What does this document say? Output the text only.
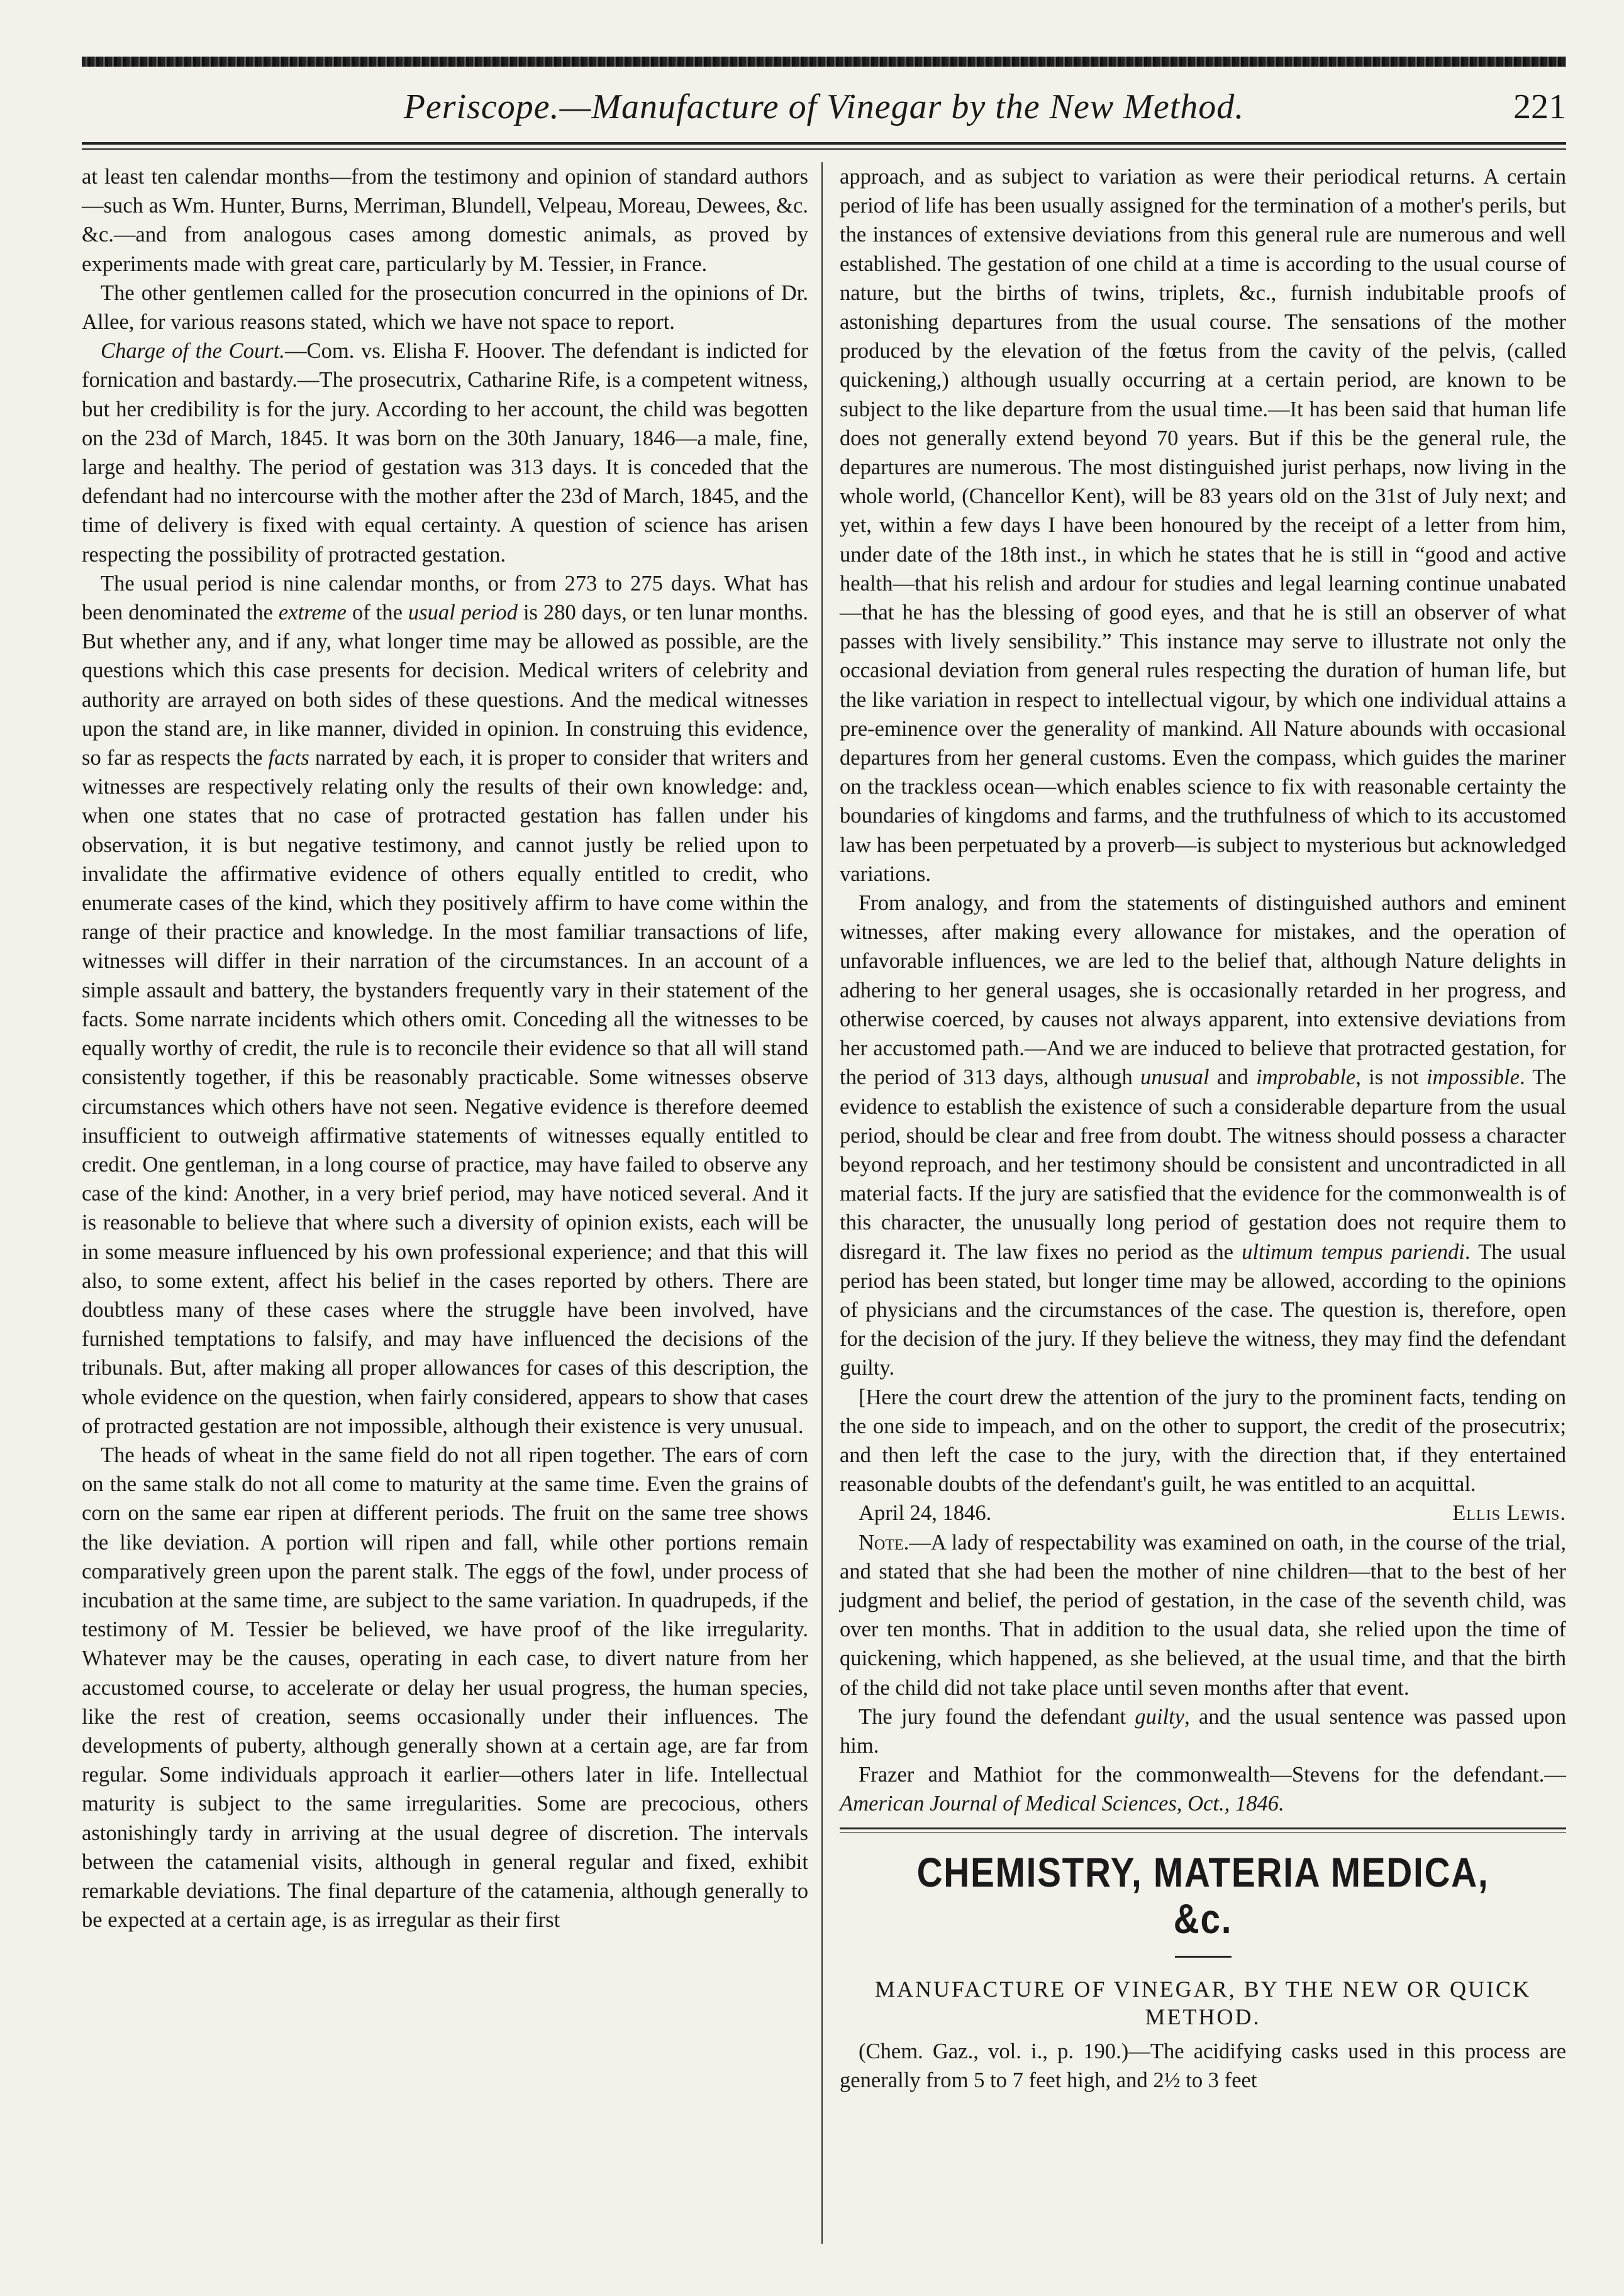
Periscope.—Manufacture of Vinegar by the New Method.	221

at least ten calendar months—from the testimony and opinion of standard authors—such as Wm. Hunter, Burns, Merriman, Blundell, Velpeau, Moreau, Dewees, &c. &c.—and from analogous cases among domestic animals, as proved by experiments made with great care, particularly by M. Tessier, in France.

The other gentlemen called for the prosecution concurred in the opinions of Dr. Allee, for various reasons stated, which we have not space to report.

Charge of the Court.—Com. vs. Elisha F. Hoover. The defendant is indicted for fornication and bastardy.—The prosecutrix, Catharine Rife, is a competent witness, but her credibility is for the jury. According to her account, the child was begotten on the 23d of March, 1845. It was born on the 30th January, 1846—a male, fine, large and healthy. The period of gestation was 313 days. It is conceded that the defendant had no intercourse with the mother after the 23d of March, 1845, and the time of delivery is fixed with equal certainty. A question of science has arisen respecting the possibility of protracted gestation.

The usual period is nine calendar months, or from 273 to 275 days. What has been denominated the extreme of the usual period is 280 days, or ten lunar months. But whether any, and if any, what longer time may be allowed as possible, are the questions which this case presents for decision. Medical writers of celebrity and authority are arrayed on both sides of these questions. And the medical witnesses upon the stand are, in like manner, divided in opinion. In construing this evidence, so far as respects the facts narrated by each, it is proper to consider that writers and witnesses are respectively relating only the results of their own knowledge: and, when one states that no case of protracted gestation has fallen under his observation, it is but negative testimony, and cannot justly be relied upon to invalidate the affirmative evidence of others equally entitled to credit, who enumerate cases of the kind, which they positively affirm to have come within the range of their practice and knowledge. In the most familiar transactions of life, witnesses will differ in their narration of the circumstances. In an account of a simple assault and battery, the bystanders frequently vary in their statement of the facts. Some narrate incidents which others omit. Conceding all the witnesses to be equally worthy of credit, the rule is to reconcile their evidence so that all will stand consistently together, if this be reasonably practicable. Some witnesses observe circumstances which others have not seen. Negative evidence is therefore deemed insufficient to outweigh affirmative statements of witnesses equally entitled to credit. One gentleman, in a long course of practice, may have failed to observe any case of the kind: Another, in a very brief period, may have noticed several. And it is reasonable to believe that where such a diversity of opinion exists, each will be in some measure influenced by his own professional experience; and that this will also, to some extent, affect his belief in the cases reported by others. There are doubtless many of these cases where the struggle have been involved, have furnished temptations to falsify, and may have influenced the decisions of the tribunals. But, after making all proper allowances for cases of this description, the whole evidence on the question, when fairly considered, appears to show that cases of protracted gestation are not impossible, although their existence is very unusual.

The heads of wheat in the same field do not all ripen together. The ears of corn on the same stalk do not all come to maturity at the same time. Even the grains of corn on the same ear ripen at different periods. The fruit on the same tree shows the like deviation. A portion will ripen and fall, while other portions remain comparatively green upon the parent stalk. The eggs of the fowl, under process of incubation at the same time, are subject to the same variation. In quadrupeds, if the testimony of M. Tessier be believed, we have proof of the like irregularity. Whatever may be the causes, operating in each case, to divert nature from her accustomed course, to accelerate or delay her usual progress, the human species, like the rest of creation, seems occasionally under their influences. The developments of puberty, although generally shown at a certain age, are far from regular. Some individuals approach it earlier—others later in life. Intellectual maturity is subject to the same irregularities. Some are precocious, others astonishingly tardy in arriving at the usual degree of discretion. The intervals between the catamenial visits, although in general regular and fixed, exhibit remarkable deviations. The final departure of the catamenia, although generally to be expected at a certain age, is as irregular as their first

approach, and as subject to variation as were their periodical returns. A certain period of life has been usually assigned for the termination of a mother's perils, but the instances of extensive deviations from this general rule are numerous and well established. The gestation of one child at a time is according to the usual course of nature, but the births of twins, triplets, &c., furnish indubitable proofs of astonishing departures from the usual course. The sensations of the mother produced by the elevation of the fœtus from the cavity of the pelvis, (called quickening,) although usually occurring at a certain period, are known to be subject to the like departure from the usual time.—It has been said that human life does not generally extend beyond 70 years. But if this be the general rule, the departures are numerous. The most distinguished jurist perhaps, now living in the whole world, (Chancellor Kent), will be 83 years old on the 31st of July next; and yet, within a few days I have been honoured by the receipt of a letter from him, under date of the 18th inst., in which he states that he is still in “good and active health—that his relish and ardour for studies and legal learning continue unabated—that he has the blessing of good eyes, and that he is still an observer of what passes with lively sensibility.” This instance may serve to illustrate not only the occasional deviation from general rules respecting the duration of human life, but the like variation in respect to intellectual vigour, by which one individual attains a pre-eminence over the generality of mankind. All Nature abounds with occasional departures from her general customs. Even the compass, which guides the mariner on the trackless ocean—which enables science to fix with reasonable certainty the boundaries of kingdoms and farms, and the truthfulness of which to its accustomed law has been perpetuated by a proverb—is subject to mysterious but acknowledged variations.

From analogy, and from the statements of distinguished authors and eminent witnesses, after making every allowance for mistakes, and the operation of unfavorable influences, we are led to the belief that, although Nature delights in adhering to her general usages, she is occasionally retarded in her progress, and otherwise coerced, by causes not always apparent, into extensive deviations from her accustomed path.—And we are induced to believe that protracted gestation, for the period of 313 days, although unusual and improbable, is not impossible. The evidence to establish the existence of such a considerable departure from the usual period, should be clear and free from doubt. The witness should possess a character beyond reproach, and her testimony should be consistent and uncontradicted in all material facts. If the jury are satisfied that the evidence for the commonwealth is of this character, the unusually long period of gestation does not require them to disregard it. The law fixes no period as the ultimum tempus pariendi. The usual period has been stated, but longer time may be allowed, according to the opinions of physicians and the circumstances of the case. The question is, therefore, open for the decision of the jury. If they believe the witness, they may find the defendant guilty.

[Here the court drew the attention of the jury to the prominent facts, tending on the one side to impeach, and on the other to support, the credit of the prosecutrix; and then left the case to the jury, with the direction that, if they entertained reasonable doubts of the defendant's guilt, he was entitled to an acquittal.

April 24, 1846.	Ellis Lewis.

Note.—A lady of respectability was examined on oath, in the course of the trial, and stated that she had been the mother of nine children—that to the best of her judgment and belief, the period of gestation, in the case of the seventh child, was over ten months. That in addition to the usual data, she relied upon the time of quickening, which happened, as she believed, at the usual time, and that the birth of the child did not take place until seven months after that event.

The jury found the defendant guilty, and the usual sentence was passed upon him.

Frazer and Mathiot for the commonwealth—Stevens for the defendant.—American Journal of Medical Sciences, Oct., 1846.

CHEMISTRY, MATERIA MEDICA, &c.
MANUFACTURE OF VINEGAR, BY THE NEW OR QUICK METHOD.

(Chem. Gaz., vol. i., p. 190.)—The acidifying casks used in this process are generally from 5 to 7 feet high, and 2½ to 3 feet
